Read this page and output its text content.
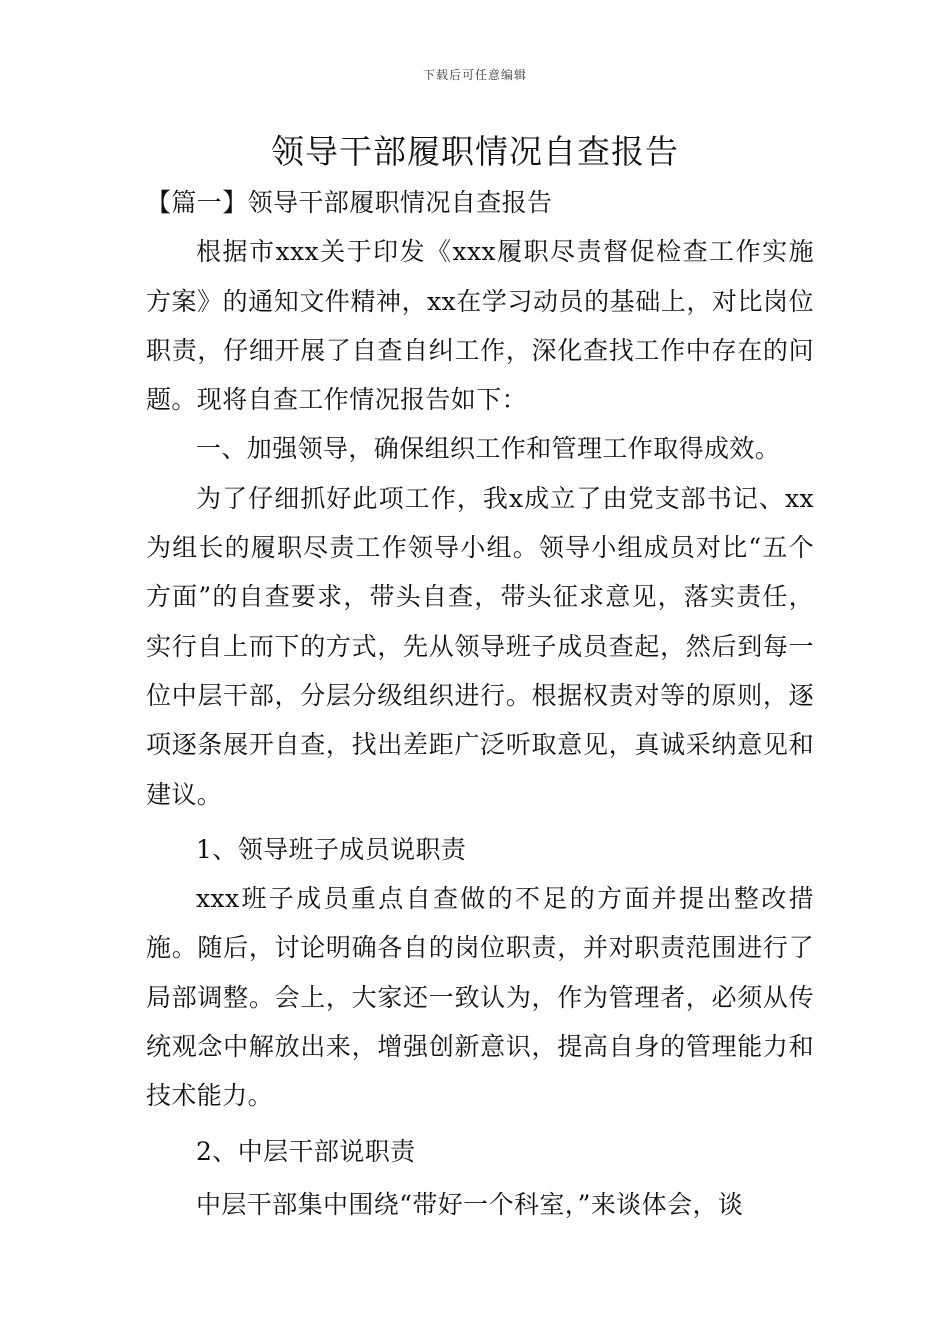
下载后可任意编辑
领导干部履职情况自查报告

【篇一】领导干部履职情况自查报告

根据市xxx关于印发《xxx履职尽责督促检查工作实施方案》的通知文件精神，xx在学习动员的基础上，对比岗位职责，仔细开展了自查自纠工作，深化查找工作中存在的问题。现将自查工作情况报告如下：

一、加强领导，确保组织工作和管理工作取得成效。

为了仔细抓好此项工作，我x成立了由党支部书记、xx为组长的履职尽责工作领导小组。领导小组成员对比“五个方面”的自查要求，带头自查，带头征求意见，落实责任，实行自上而下的方式，先从领导班子成员查起，然后到每一位中层干部，分层分级组织进行。根据权责对等的原则，逐项逐条展开自查，找出差距广泛听取意见，真诚采纳意见和建议。

1、领导班子成员说职责

xxx班子成员重点自查做的不足的方面并提出整改措施。随后，讨论明确各自的岗位职责，并对职责范围进行了局部调整。会上，大家还一致认为，作为管理者，必须从传统观念中解放出来，增强创新意识，提高自身的管理能力和技术能力。

2、中层干部说职责

中层干部集中围绕“带好一个科室，”来谈体会，谈
